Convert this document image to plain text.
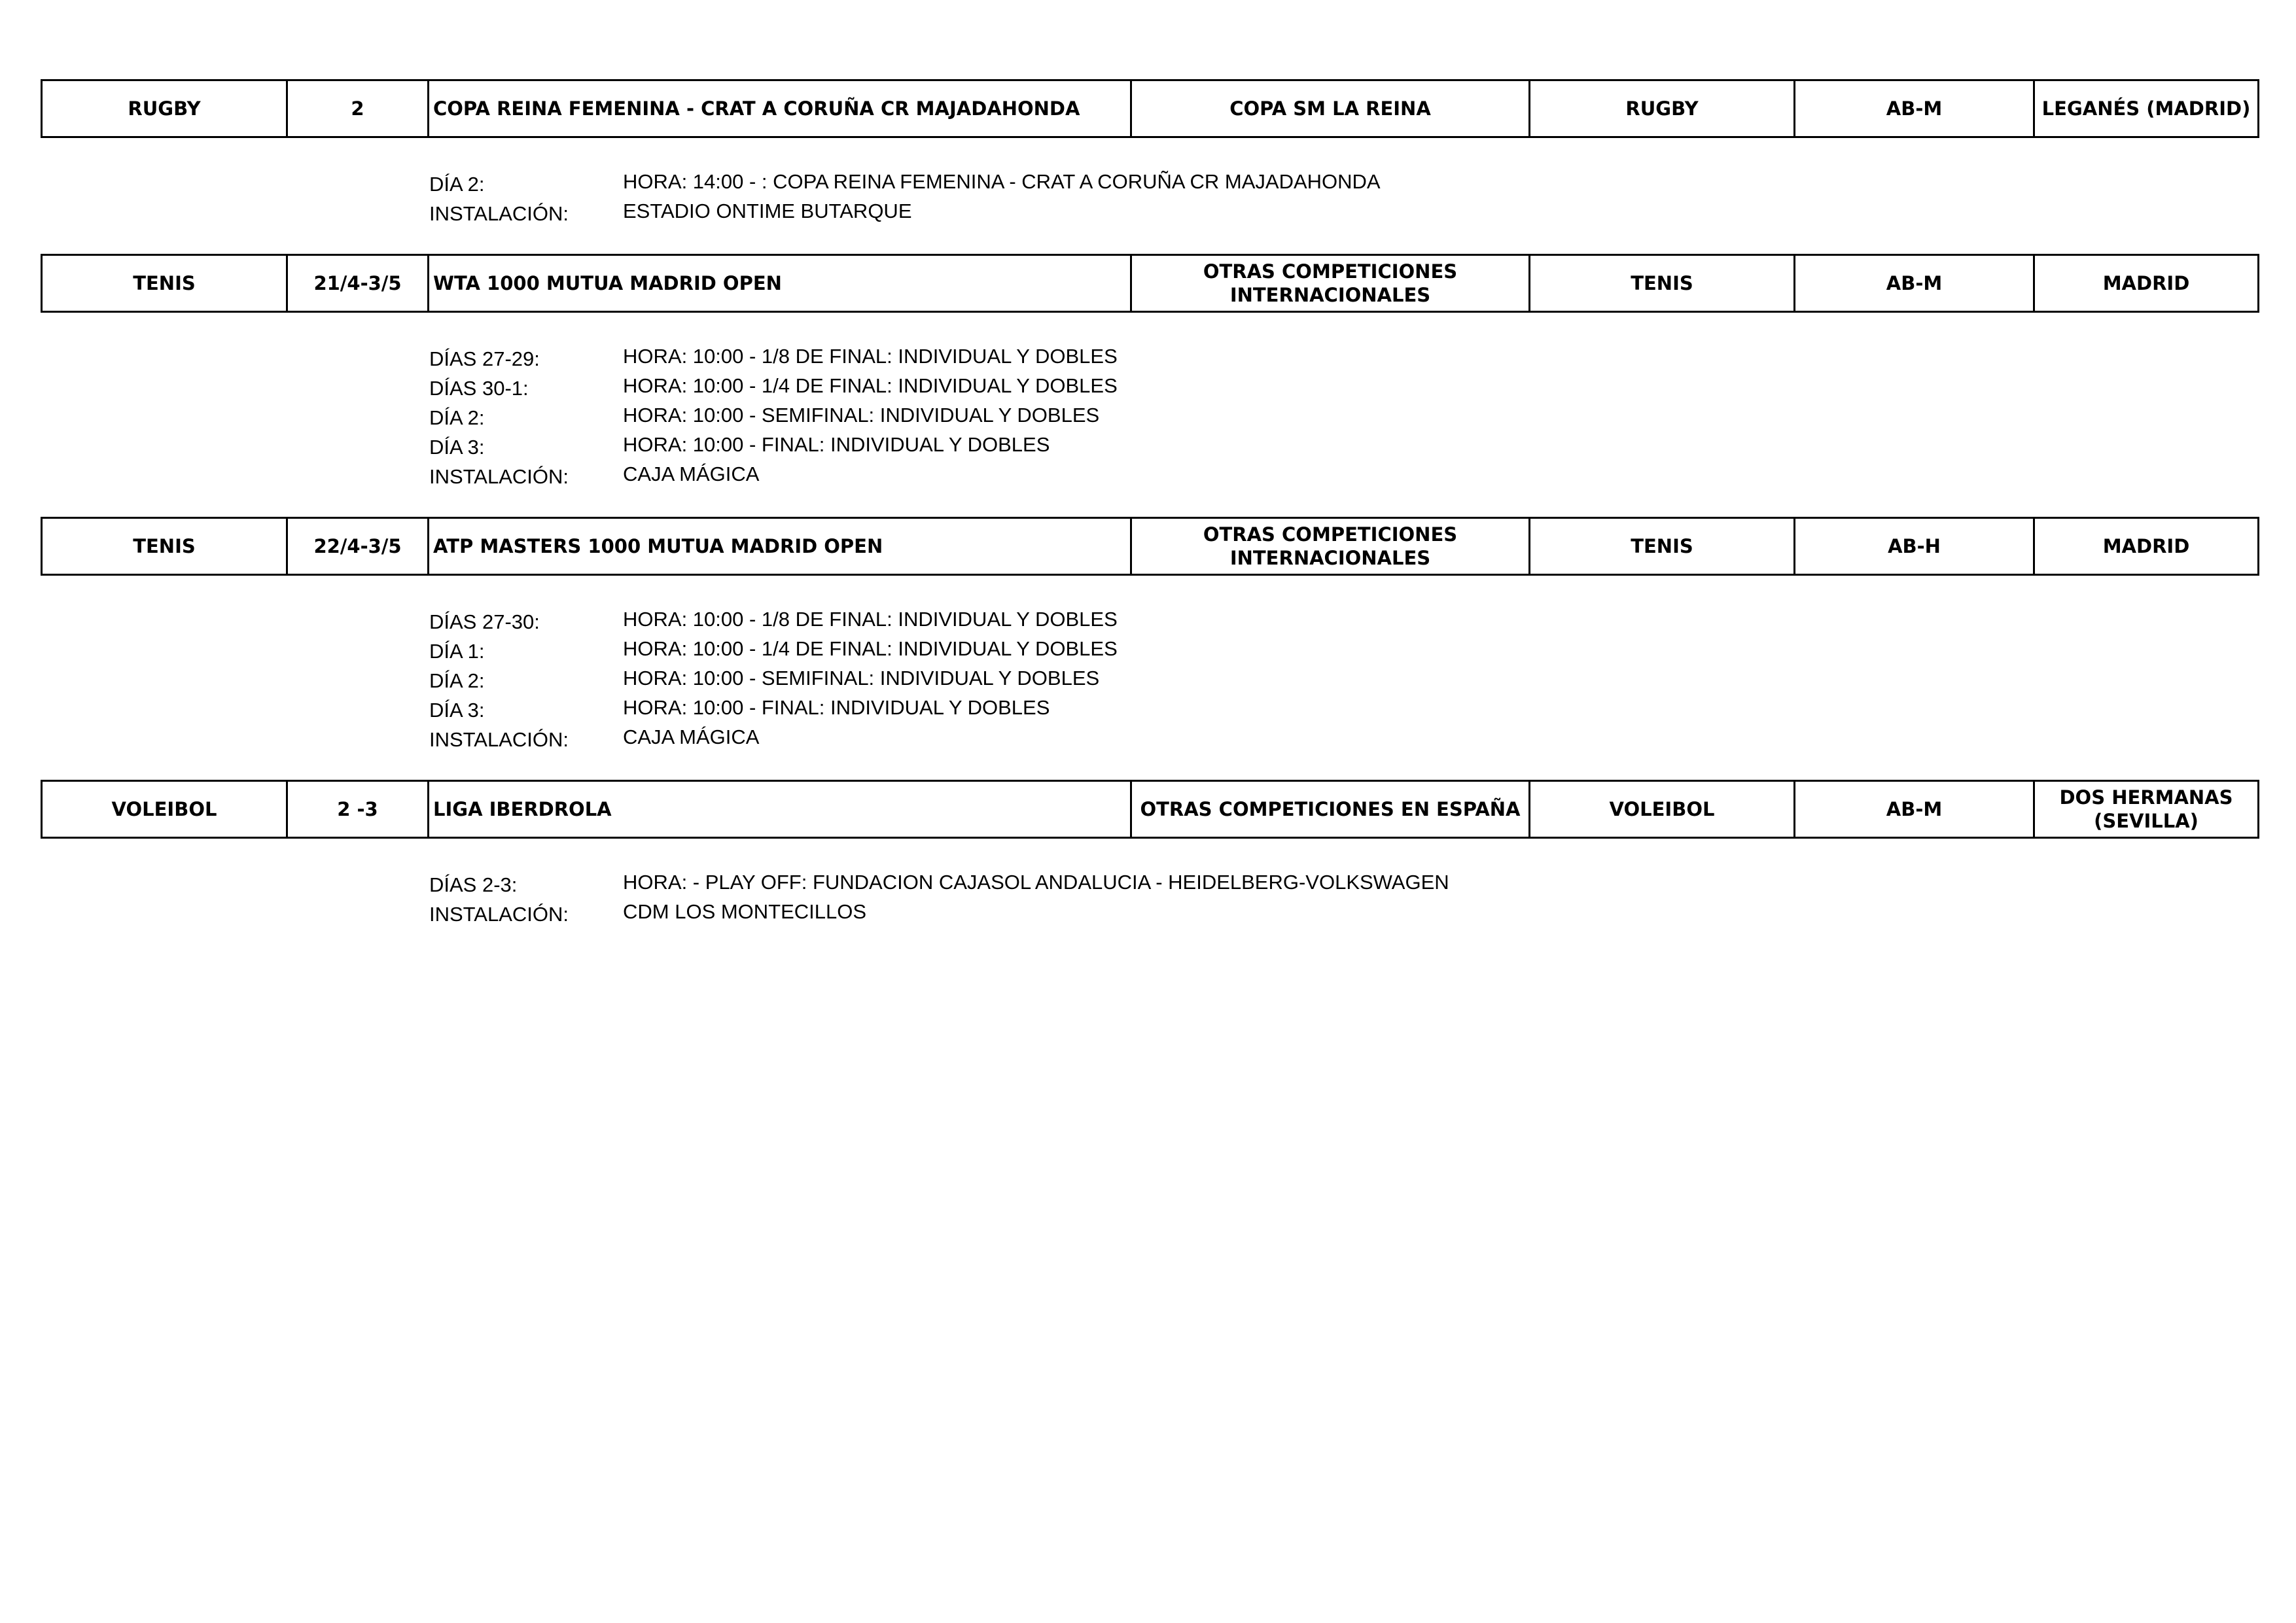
RUGBY	2	COPA REINA FEMENINA - CRAT A CORUÑA CR MAJADAHONDA	COPA SM LA REINA	RUGBY	AB-M	LEGANÉS (MADRID)
DÍA 2:	HORA: 14:00 - : COPA REINA FEMENINA - CRAT A CORUÑA CR MAJADAHONDA
INSTALACIÓN:	ESTADIO ONTIME BUTARQUE
TENIS	21/4-3/5	WTA 1000 MUTUA MADRID OPEN	OTRAS COMPETICIONES INTERNACIONALES	TENIS	AB-M	MADRID
DÍAS 27-29:	HORA: 10:00 - 1/8 DE FINAL: INDIVIDUAL Y DOBLES
DÍAS 30-1:	HORA: 10:00 - 1/4 DE FINAL: INDIVIDUAL Y DOBLES
DÍA 2:	HORA: 10:00 - SEMIFINAL: INDIVIDUAL Y DOBLES
DÍA 3:	HORA: 10:00 - FINAL: INDIVIDUAL Y DOBLES
INSTALACIÓN:	CAJA MÁGICA
TENIS	22/4-3/5	ATP MASTERS 1000 MUTUA MADRID OPEN	OTRAS COMPETICIONES INTERNACIONALES	TENIS	AB-H	MADRID
DÍAS 27-30:	HORA: 10:00 - 1/8 DE FINAL: INDIVIDUAL Y DOBLES
DÍA 1:	HORA: 10:00 - 1/4 DE FINAL: INDIVIDUAL Y DOBLES
DÍA 2:	HORA: 10:00 - SEMIFINAL: INDIVIDUAL Y DOBLES
DÍA 3:	HORA: 10:00 - FINAL: INDIVIDUAL Y DOBLES
INSTALACIÓN:	CAJA MÁGICA
VOLEIBOL	2 -3	LIGA IBERDROLA	OTRAS COMPETICIONES EN ESPAÑA	VOLEIBOL	AB-M	DOS HERMANAS (SEVILLA)
DÍAS 2-3:	HORA: - PLAY OFF: FUNDACION CAJASOL ANDALUCIA - HEIDELBERG-VOLKSWAGEN
INSTALACIÓN:	CDM LOS MONTECILLOS
